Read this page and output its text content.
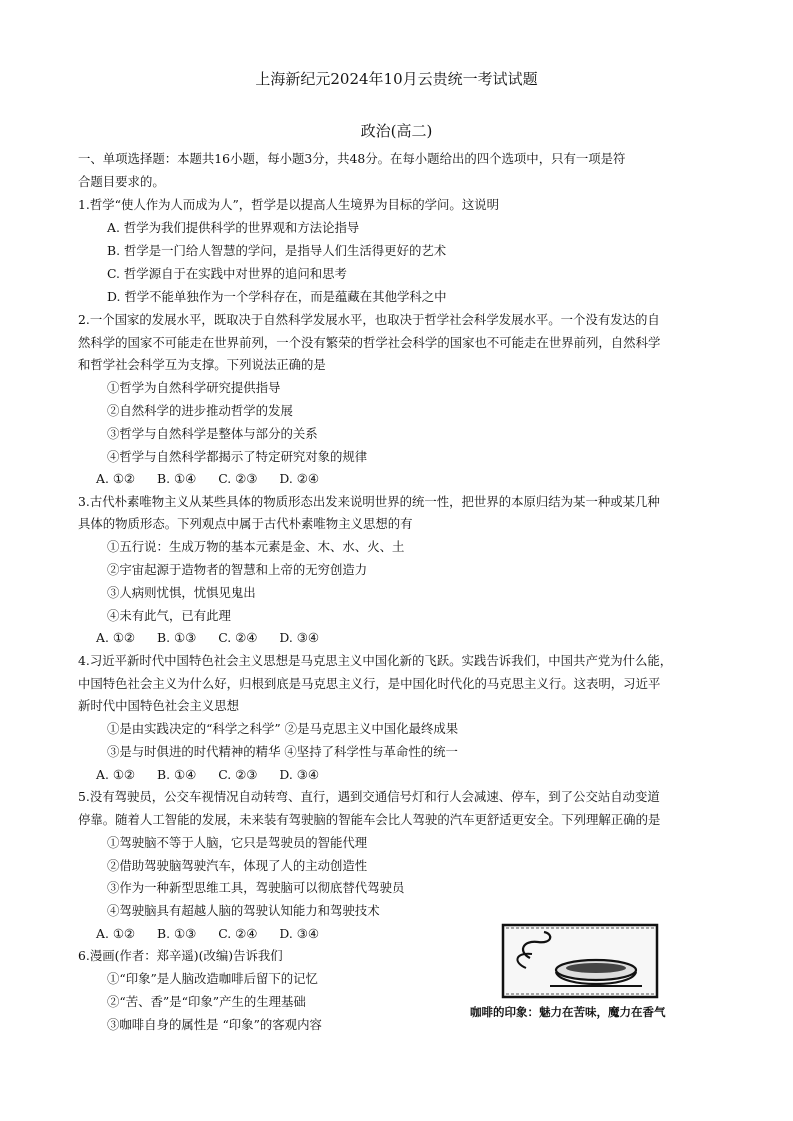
上海新纪元2024年10月云贵统一考试试题
政治(高二)
一、单项选择题：本题共16小题，每小题3分，共48分。在每小题给出的四个选项中，只有一项是符
合题目要求的。
1.哲学“使人作为人而成为人”，哲学是以提高人生境界为目标的学问。这说明
A. 哲学为我们提供科学的世界观和方法论指导
B. 哲学是一门给人智慧的学问，是指导人们生活得更好的艺术
C. 哲学源自于在实践中对世界的追问和思考
D. 哲学不能单独作为一个学科存在，而是蕴藏在其他学科之中
2.一个国家的发展水平，既取决于自然科学发展水平，也取决于哲学社会科学发展水平。一个没有发达的自
然科学的国家不可能走在世界前列，一个没有繁荣的哲学社会科学的国家也不可能走在世界前列，自然科学
和哲学社会科学互为支撑。下列说法正确的是
①哲学为自然科学研究提供指导
②自然科学的进步推动哲学的发展
③哲学与自然科学是整体与部分的关系
④哲学与自然科学都揭示了特定研究对象的规律
A. ①② B. ①④ C. ②③ D. ②④
3.古代朴素唯物主义从某些具体的物质形态出发来说明世界的统一性，把世界的本原归结为某一种或某几种
具体的物质形态。下列观点中属于古代朴素唯物主义思想的有
①五行说：生成万物的基本元素是金、木、水、火、土
②宇宙起源于造物者的智慧和上帝的无穷创造力
③人病则忧惧，忧惧见鬼出
④未有此气，已有此理
A. ①② B. ①③ C. ②④ D. ③④
4.习近平新时代中国特色社会主义思想是马克思主义中国化新的飞跃。实践告诉我们，中国共产党为什么能，
中国特色社会主义为什么好，归根到底是马克思主义行，是中国化时代化的马克思主义行。这表明，习近平
新时代中国特色社会主义思想
①是由实践决定的“科学之科学” ②是马克思主义中国化最终成果
③是与时俱进的时代精神的精华 ④坚持了科学性与革命性的统一
A. ①② B. ①④ C. ②③ D. ③④
5.没有驾驶员，公交车视情况自动转弯、直行，遇到交通信号灯和行人会减速、停车，到了公交站自动变道
停靠。随着人工智能的发展，未来装有驾驶脑的智能车会比人驾驶的汽车更舒适更安全。下列理解正确的是
①驾驶脑不等于人脑，它只是驾驶员的智能代理
②借助驾驶脑驾驶汽车，体现了人的主动创造性
③作为一种新型思维工具，驾驶脑可以彻底替代驾驶员
④驾驶脑具有超越人脑的驾驶认知能力和驾驶技术
A. ①② B. ①③ C. ②④ D. ③④
6.漫画(作者：郑辛遥)(改编)告诉我们
①“印象”是人脑改造咖啡后留下的记忆
②“苦、香”是“印象”产生的生理基础
③咖啡自身的属性是 “印象”的客观内容
咖啡的印象：魅力在苦味，魔力在香气
